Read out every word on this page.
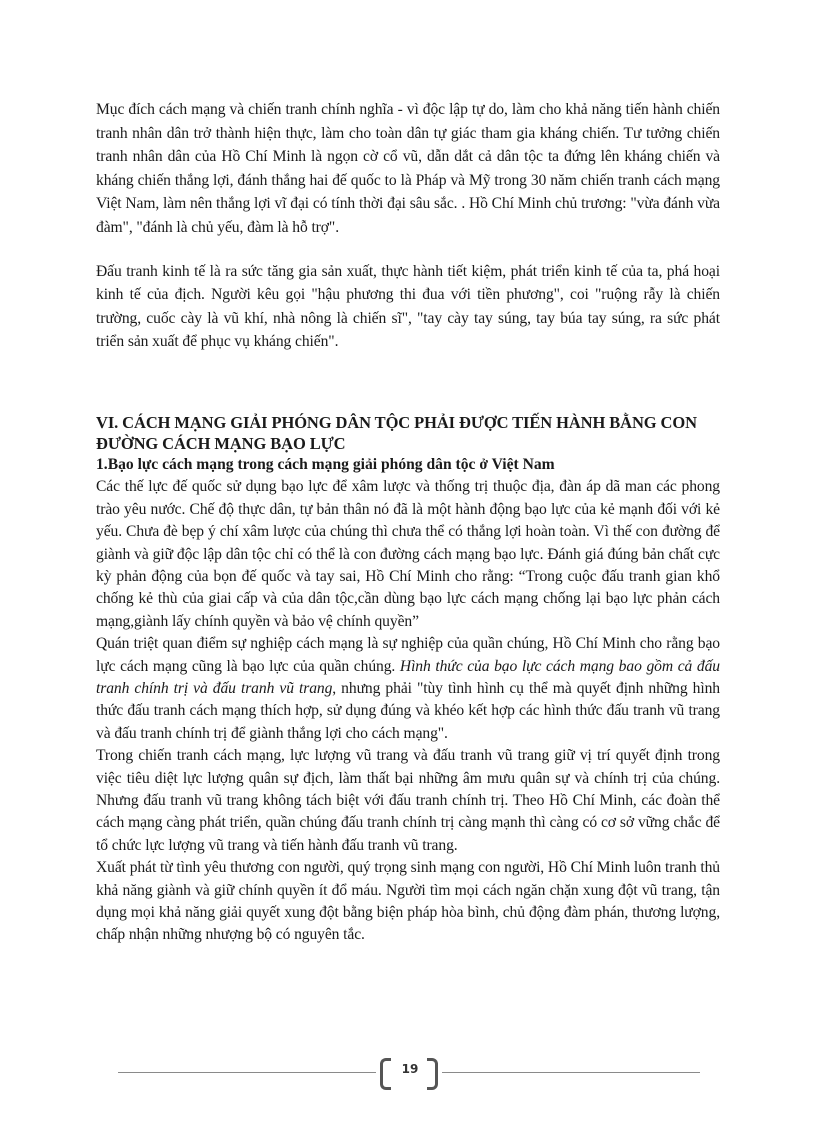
Mục đích cách mạng và chiến tranh chính nghĩa - vì độc lập tự do, làm cho khả năng tiến hành chiến tranh nhân dân trở thành hiện thực, làm cho toàn dân tự giác tham gia kháng chiến. Tư tưởng chiến tranh nhân dân của Hồ Chí Minh là ngọn cờ cổ vũ, dẫn dắt cả dân tộc ta đứng lên kháng chiến và kháng chiến thắng lợi, đánh thắng hai đế quốc to là Pháp và Mỹ trong 30 năm chiến tranh cách mạng Việt Nam, làm nên thắng lợi vĩ đại có tính thời đại sâu sắc. . Hồ Chí Minh chủ trương: "vừa đánh vừa đàm", "đánh là chủ yếu, đàm là hỗ trợ".

Đấu tranh kinh tế là ra sức tăng gia sản xuất, thực hành tiết kiệm, phát triển kinh tế của ta, phá hoại kinh tế của địch. Người kêu gọi "hậu phương thi đua với tiền phương", coi "ruộng rẫy là chiến trường, cuốc cày là vũ khí, nhà nông là chiến sĩ", "tay cày tay súng, tay búa tay súng, ra sức phát triển sản xuất để phục vụ kháng chiến".

VI. CÁCH MẠNG GIẢI PHÓNG DÂN TỘC PHẢI ĐƯỢC TIẾN HÀNH BẰNG CON ĐƯỜNG CÁCH MẠNG BẠO LỰC
1.Bạo lực cách mạng trong cách mạng giải phóng dân tộc ở Việt Nam

Các thế lực đế quốc sử dụng bạo lực để xâm lược và thống trị thuộc địa, đàn áp dã man các phong trào yêu nước. Chế độ thực dân, tự bản thân nó đã là một hành động bạo lực của kẻ mạnh đối với kẻ yếu. Chưa đè bẹp ý chí xâm lược của chúng thì chưa thể có thắng lợi hoàn toàn. Vì thế con đường để giành và giữ độc lập dân tộc chỉ có thể là con đường cách mạng bạo lực. Đánh giá đúng bản chất cực kỳ phản động của bọn đế quốc và tay sai, Hồ Chí Minh cho rằng: “Trong cuộc đấu tranh gian khổ chống kẻ thù của giai cấp và của dân tộc,cần dùng bạo lực cách mạng chống lại bạo lực phản cách mạng,giành lấy chính quyền và bảo vệ chính quyền”

Quán triệt quan điểm sự nghiệp cách mạng là sự nghiệp của quần chúng, Hồ Chí Minh cho rằng bạo lực cách mạng cũng là bạo lực của quần chúng. Hình thức của bạo lực cách mạng bao gồm cả đấu tranh chính trị và đấu tranh vũ trang, nhưng phải "tùy tình hình cụ thể mà quyết định những hình thức đấu tranh cách mạng thích hợp, sử dụng đúng và khéo kết hợp các hình thức đấu tranh vũ trang và đấu tranh chính trị để giành thắng lợi cho cách mạng".

Trong chiến tranh cách mạng, lực lượng vũ trang và đấu tranh vũ trang giữ vị trí quyết định trong việc tiêu diệt lực lượng quân sự địch, làm thất bại những âm mưu quân sự và chính trị của chúng. Nhưng đấu tranh vũ trang không tách biệt với đấu tranh chính trị. Theo Hồ Chí Minh, các đoàn thể cách mạng càng phát triển, quần chúng đấu tranh chính trị càng mạnh thì càng có cơ sở vững chắc để tổ chức lực lượng vũ trang và tiến hành đấu tranh vũ trang.

Xuất phát từ tình yêu thương con người, quý trọng sinh mạng con người, Hồ Chí Minh luôn tranh thủ khả năng giành và giữ chính quyền ít đổ máu. Người tìm mọi cách ngăn chặn xung đột vũ trang, tận dụng mọi khả năng giải quyết xung đột bằng biện pháp hòa bình, chủ động đàm phán, thương lượng, chấp nhận những nhượng bộ có nguyên tắc.

19
